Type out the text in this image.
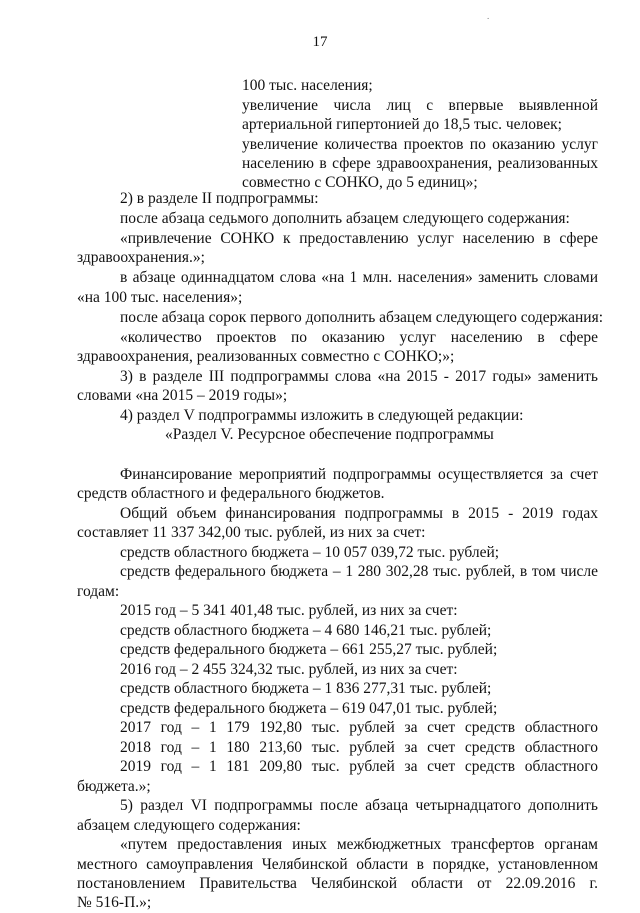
.
17
100 тыс. населения;
увеличение числа лиц с впервые выявленной
артериальной гипертонией до 18,5 тыс. человек;
увеличение количества проектов по оказанию услуг
населению в сфере здравоохранения, реализованных
совместно с СОНКО, до 5 единиц»;
2) в разделе II подпрограммы:
после абзаца седьмого дополнить абзацем следующего содержания:
«привлечение СОНКО к предоставлению услуг населению в сфере
здравоохранения.»;
в абзаце одиннадцатом слова «на 1 млн. населения» заменить словами
«на 100 тыс. населения»;
после абзаца сорок первого дополнить абзацем следующего содержания:
«количество проектов по оказанию услуг населению в сфере
здравоохранения, реализованных совместно с СОНКО;»;
3) в разделе III подпрограммы слова «на 2015 - 2017 годы» заменить
словами «на 2015 – 2019 годы»;
4) раздел V подпрограммы изложить в следующей редакции:
«Раздел V. Ресурсное обеспечение подпрограммы
Финансирование мероприятий подпрограммы осуществляется за счет
средств областного и федерального бюджетов.
Общий объем финансирования подпрограммы в 2015 - 2019 годах
составляет 11 337 342,00 тыс. рублей, из них за счет:
средств областного бюджета – 10 057 039,72 тыс. рублей;
средств федерального бюджета – 1 280 302,28 тыс. рублей, в том числе
годам:
2015 год – 5 341 401,48 тыс. рублей, из них за счет:
средств областного бюджета – 4 680 146,21 тыс. рублей;
средств федерального бюджета – 661 255,27 тыс. рублей;
2016 год – 2 455 324,32 тыс. рублей, из них за счет:
средств областного бюджета – 1 836 277,31 тыс. рублей;
средств федерального бюджета – 619 047,01 тыс. рублей;
2017 год – 1 179 192,80 тыс. рублей за счет средств областного
2018 год – 1 180 213,60 тыс. рублей за счет средств областного
2019 год – 1 181 209,80 тыс. рублей за счет средств областного
бюджета.»;
5) раздел VI подпрограммы после абзаца четырнадцатого дополнить
абзацем следующего содержания:
«путем предоставления иных межбюджетных трансфертов органам
местного самоуправления Челябинской области в порядке, установленном
постановлением Правительства Челябинской области от 22.09.2016 г.
№ 516-П.»;
